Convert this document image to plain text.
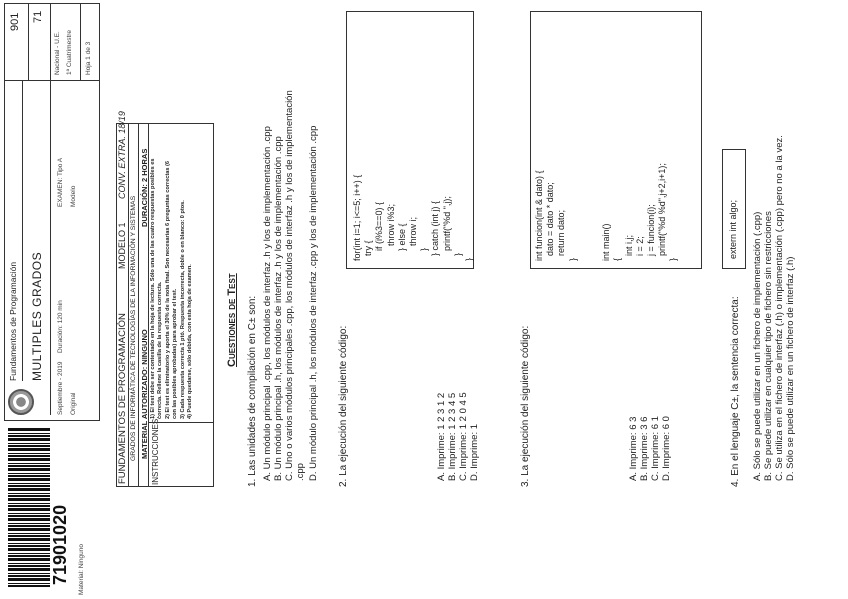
71901020 Material: Ninguno
Fundamentos de Programación MULTIPLES GRADOS
Septiembre - 2019
Duración: 120 min
Original
EXAMEN: Tipo A Modelo
901 71
Nacional - U.E. 1ª Cuatrimestre Hoja 1 de 3
FUNDAMENTOS DE PROGRAMACIÓN
MODELO 1
CONV. EXTRA. 18/19
GRADOS DE INFORMÁTICA DE TECNOLOGÍAS DE LA INFORMACIÓN Y SISTEMAS MATERIAL AUTORIZADO: NINGUNO
DURACIÓN: 2 HORAS
INSTRUCCIONES:
1) El test debe ser contestado en la hoja de lectura. Sólo una de las cuatro respuestas posibles es correcta. Rellene la casilla de la respuesta correcta. 2) El test es eliminatorio y aporta el 30% de la nota final. Son necesarias 6 preguntas correctas (6 con las posibles aprobadas) para aprobar el test. 3) Cada respuesta correcta 1 ptó. Respuesta incorrecta, doble o en blanco: 0 ptos. 4) Puede quedarse, sólo debida, con esta hoja de examen.	Cuestiones de Test 1. Las unidades de compilación en C± son: A. Un módulo principal .cpp, los módulos de interfaz .h y los de implementación .cpp B. Un módulo principal .h, los módulos de interfaz .h y los de implementación .cpp C. Uno o varios módulos principales .cpp, los módulos de interfaz .h y los de implementación .cpp D. Un módulo principal .h, los módulos de interfaz .cpp y los de implementación .cpp 2. La ejecución del siguiente código:
for(int i=1; i<=5; i++) {
try {
if (i%3==0) {
throw i%3;
} else {
throw i;
}
} catch (int j) {
printf("%d ",j);
}
}
A. Imprime: 1 2 3 1 2 B. Imprime: 1 2 3 4 5 C. Imprime: 1 2 0 4 5 D. Imprime: 1	3. La ejecución del siguiente código:
int funcion(int & dato) {
dato = dato * dato;
return dato;
}

int main()
{
int i,j;
i = 2;
j = funcion(i);
printf("%d %d",j+2,i+1);
}
A. Imprime: 6 3 B. Imprime: 3 6 C. Imprime: 6 1 D. Imprime: 6 0	4. En el lenguaje C±, la sentencia correcta:
extern int algo; A. Sólo se puede utilizar en un fichero de implementación (.cpp) B. Se puede utilizar en cualquier tipo de fichero sin restricciones C. Se utiliza en el fichero de interfaz (.h) o implementación (.cpp) pero no a la vez. D. Sólo se puede utilizar en un fichero de interfaz (.h)
